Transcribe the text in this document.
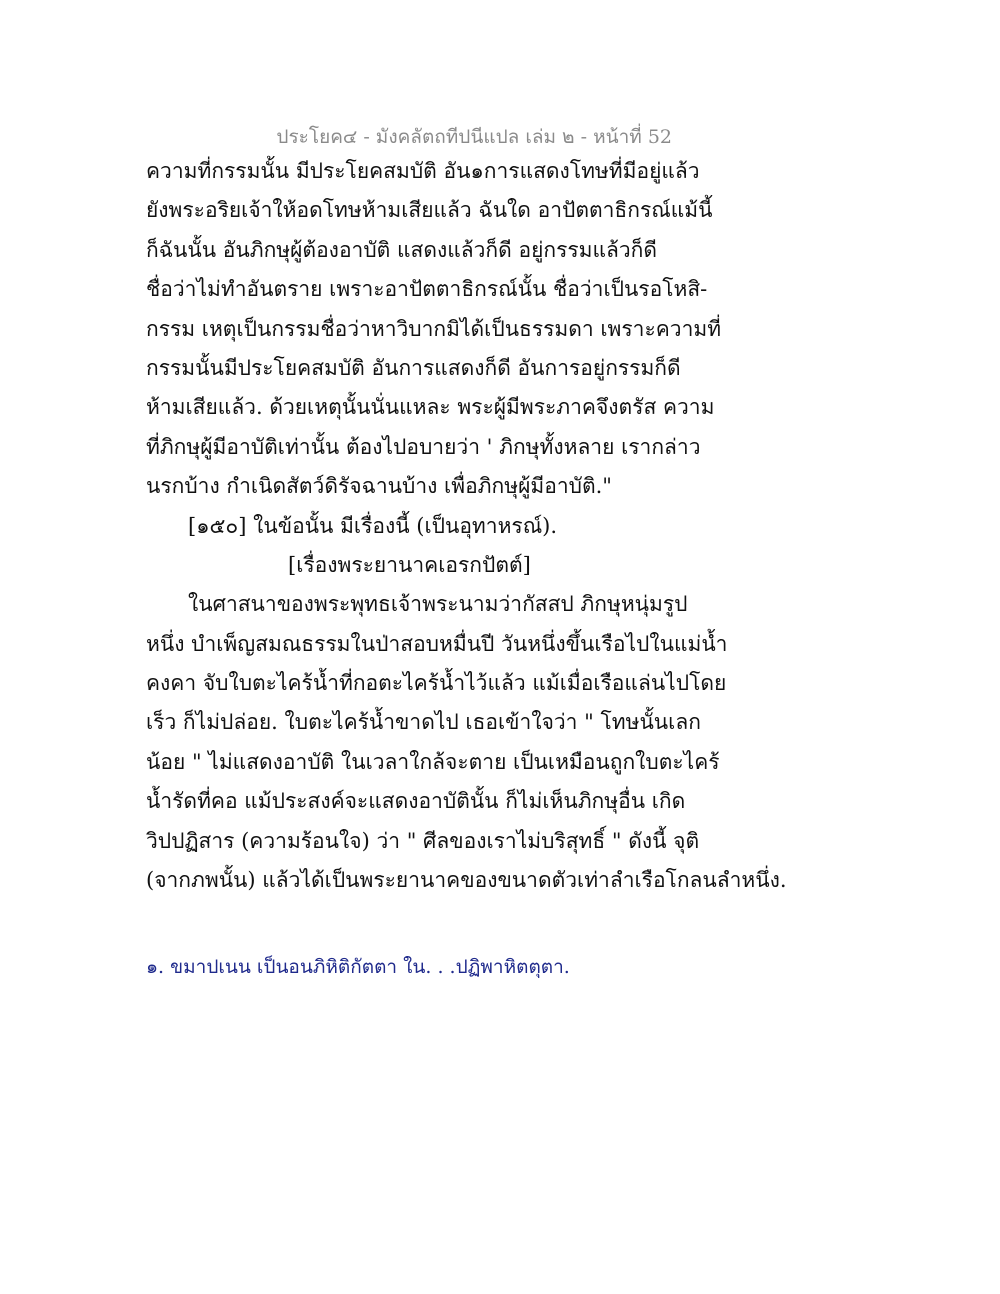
ประโยค๔ - มังคลัตถทีปนีแปล เล่ม ๒ - หน้าที่ 52
ความที่กรรมนั้น มีประโยคสมบัติ อัน๑การแสดงโทษที่มีอยู่แล้ว
ยังพระอริยเจ้าให้อดโทษห้ามเสียแล้ว ฉันใด อาปัตตาธิกรณ์แม้นี้
ก็ฉันนั้น อันภิกษุผู้ต้องอาบัติ แสดงแล้วก็ดี อยู่กรรมแล้วก็ดี
ชื่อว่าไม่ทำอันตราย เพราะอาปัตตาธิกรณ์นั้น ชื่อว่าเป็นรอโหสิ-
กรรม เหตุเป็นกรรมชื่อว่าหาวิบากมิได้เป็นธรรมดา เพราะความที่
กรรมนั้นมีประโยคสมบัติ อันการแสดงก็ดี อันการอยู่กรรมก็ดี
ห้ามเสียแล้ว. ด้วยเหตุนั้นนั่นแหละ พระผู้มีพระภาคจึงตรัส ความ
ที่ภิกษุผู้มีอาบัติเท่านั้น ต้องไปอบายว่า ' ภิกษุทั้งหลาย เรากล่าว
นรกบ้าง กำเนิดสัตว์ดิรัจฉานบ้าง เพื่อภิกษุผู้มีอาบัติ."
[๑๕๐] ในข้อนั้น มีเรื่องนี้ (เป็นอุทาหรณ์).
[เรื่องพระยานาคเอรกปัตต์]
ในศาสนาของพระพุทธเจ้าพระนามว่ากัสสป ภิกษุหนุ่มรูป
หนึ่ง บำเพ็ญสมณธรรมในป่าสอบหมื่นปี วันหนึ่งขึ้นเรือไปในแม่น้ำ
คงคา จับใบตะไคร้น้ำที่กอตะไคร้น้ำไว้แล้ว แม้เมื่อเรือแล่นไปโดย
เร็ว ก็ไม่ปล่อย. ใบตะไคร้น้ำขาดไป เธอเข้าใจว่า " โทษนั้นเลก
น้อย " ไม่แสดงอาบัติ ในเวลาใกล้จะตาย เป็นเหมือนถูกใบตะไคร้
น้ำรัดที่คอ แม้ประสงค์จะแสดงอาบัตินั้น ก็ไม่เห็นภิกษุอื่น เกิด
วิปปฏิสาร (ความร้อนใจ) ว่า " ศีลของเราไม่บริสุทธิ์ " ดังนี้ จุติ
(จากภพนั้น) แล้วได้เป็นพระยานาคของขนาดตัวเท่าลำเรือโกลนลำหนึ่ง.
๑. ขมาปเนน เป็นอนภิหิติกัตตา ใน. . .ปฏิพาหิตตุตา.
